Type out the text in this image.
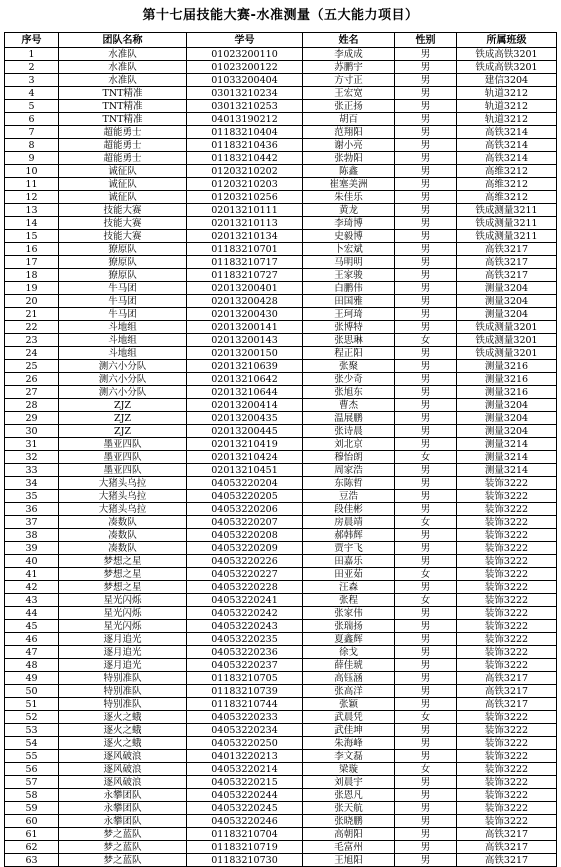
第十七届技能大赛-水准测量（五大能力项目）
序号	团队名称	学号	姓名	性别	所属班级
1	水准队	01023200110	李成成	男	铁成高铁3201
2	水准队	01023200122	苏鹏宇	男	铁成高铁3201
3	水准队	01033200404	方寸正	男	建信3204
4	TNT精准	03013210234	王宏宽	男	轨道3212
5	TNT精准	03013210253	张正扬	男	轨道3212
6	TNT精准	04013190212	胡百	男	轨道3212
7	超能勇士	01183210404	范翔阳	男	高铁3214
8	超能勇士	01183210436	谢小亮	男	高铁3214
9	超能勇士	01183210442	张勃阳	男	高铁3214
10	诚征队	01203210202	陈鑫	男	高维3212
11	诚征队	01203210203	崔塞美洲	男	高维3212
12	诚征队	01203210256	朱佳乐	男	高维3212
13	技能大赛	02013210111	黄龙	男	铁成测量3211
14	技能大赛	02013210113	李琦博	男	铁成测量3211
15	技能大赛	02013210134	史毅博	男	铁成测量3211
16	獠原队	01183210701	卜宏斌	男	高铁3217
17	獠原队	01183210717	马明明	男	高铁3217
18	獠原队	01183210727	王家骏	男	高铁3217
19	牛马团	02013200401	白鹏伟	男	测量3204
20	牛马团	02013200428	田国雅	男	测量3204
21	牛马团	02013200430	王珂琦	男	测量3204
22	斗地组	02013200141	张博特	男	铁成测量3201
23	斗地组	02013200143	张思琳	女	铁成测量3201
24	斗地组	02013200150	程正阳	男	铁成测量3201
25	测六小分队	02013210639	张聚	男	测量3216
26	测六小分队	02013210642	张少奇	男	测量3216
27	测六小分队	02013210644	张旭东	男	测量3216
28	ZJZ	02013200414	曹杰	男	测量3204
29	ZJZ	02013200435	温展鹏	男	测量3204
30	ZJZ	02013200445	张诗晨	男	测量3204
31	墨亚四队	02013210419	刘北京	男	测量3214
32	墨亚四队	02013210424	穆怡朗	女	测量3214
33	墨亚四队	02013210451	周家浩	男	测量3214
34	大猪头乌拉	04053220204	东陈哲	男	装饰3222
35	大猪头乌拉	04053220205	豆浩	男	装饰3222
36	大猪头乌拉	04053220206	段佳彬	男	装饰3222
37	凑数队	04053220207	房晨靖	女	装饰3222
38	凑数队	04053220208	郝韩辉	男	装饰3222
39	凑数队	04053220209	贾宇飞	男	装饰3222
40	梦想之星	04053220226	田嘉乐	男	装饰3222
41	梦想之星	04053220227	田亚茹	女	装饰3222
42	梦想之星	04053220228	汪森	男	装饰3222
43	星光闪烁	04053220241	张程	女	装饰3222
44	星光闪烁	04053220242	张家伟	男	装饰3222
45	星光闪烁	04053220243	张瑞扬	男	装饰3222
46	逐月追光	04053220235	夏鑫辉	男	装饰3222
47	逐月追光	04053220236	徐戈	男	装饰3222
48	逐月追光	04053220237	薛佳琥	男	装饰3222
49	特别准队	01183210705	高钰涵	男	高铁3217
50	特别准队	01183210739	张高洋	男	高铁3217
51	特别准队	01183210744	张颖	男	高铁3217
52	逐火之蛾	04053220233	武晨凭	女	装饰3222
53	逐火之蛾	04053220234	武佳坤	男	装饰3222
54	逐火之蛾	04053220250	朱海峰	男	装饰3222
55	逐风破浪	04013220213	李文磊	男	装饰3222
56	逐风破浪	04053220214	梁璇	女	装饰3222
57	逐风破浪	04053220215	刘晨宇	男	装饰3222
58	永攀团队	04053220244	张恩凡	男	装饰3222
59	永攀团队	04053220245	张天航	男	装饰3222
60	永攀团队	04053220246	张晓鹏	男	装饰3222
61	梦之蓝队	01183210704	高朝阳	男	高铁3217
62	梦之蓝队	01183210719	毛富州	男	高铁3217
63	梦之蓝队	01183210730	王旭阳	男	高铁3217
